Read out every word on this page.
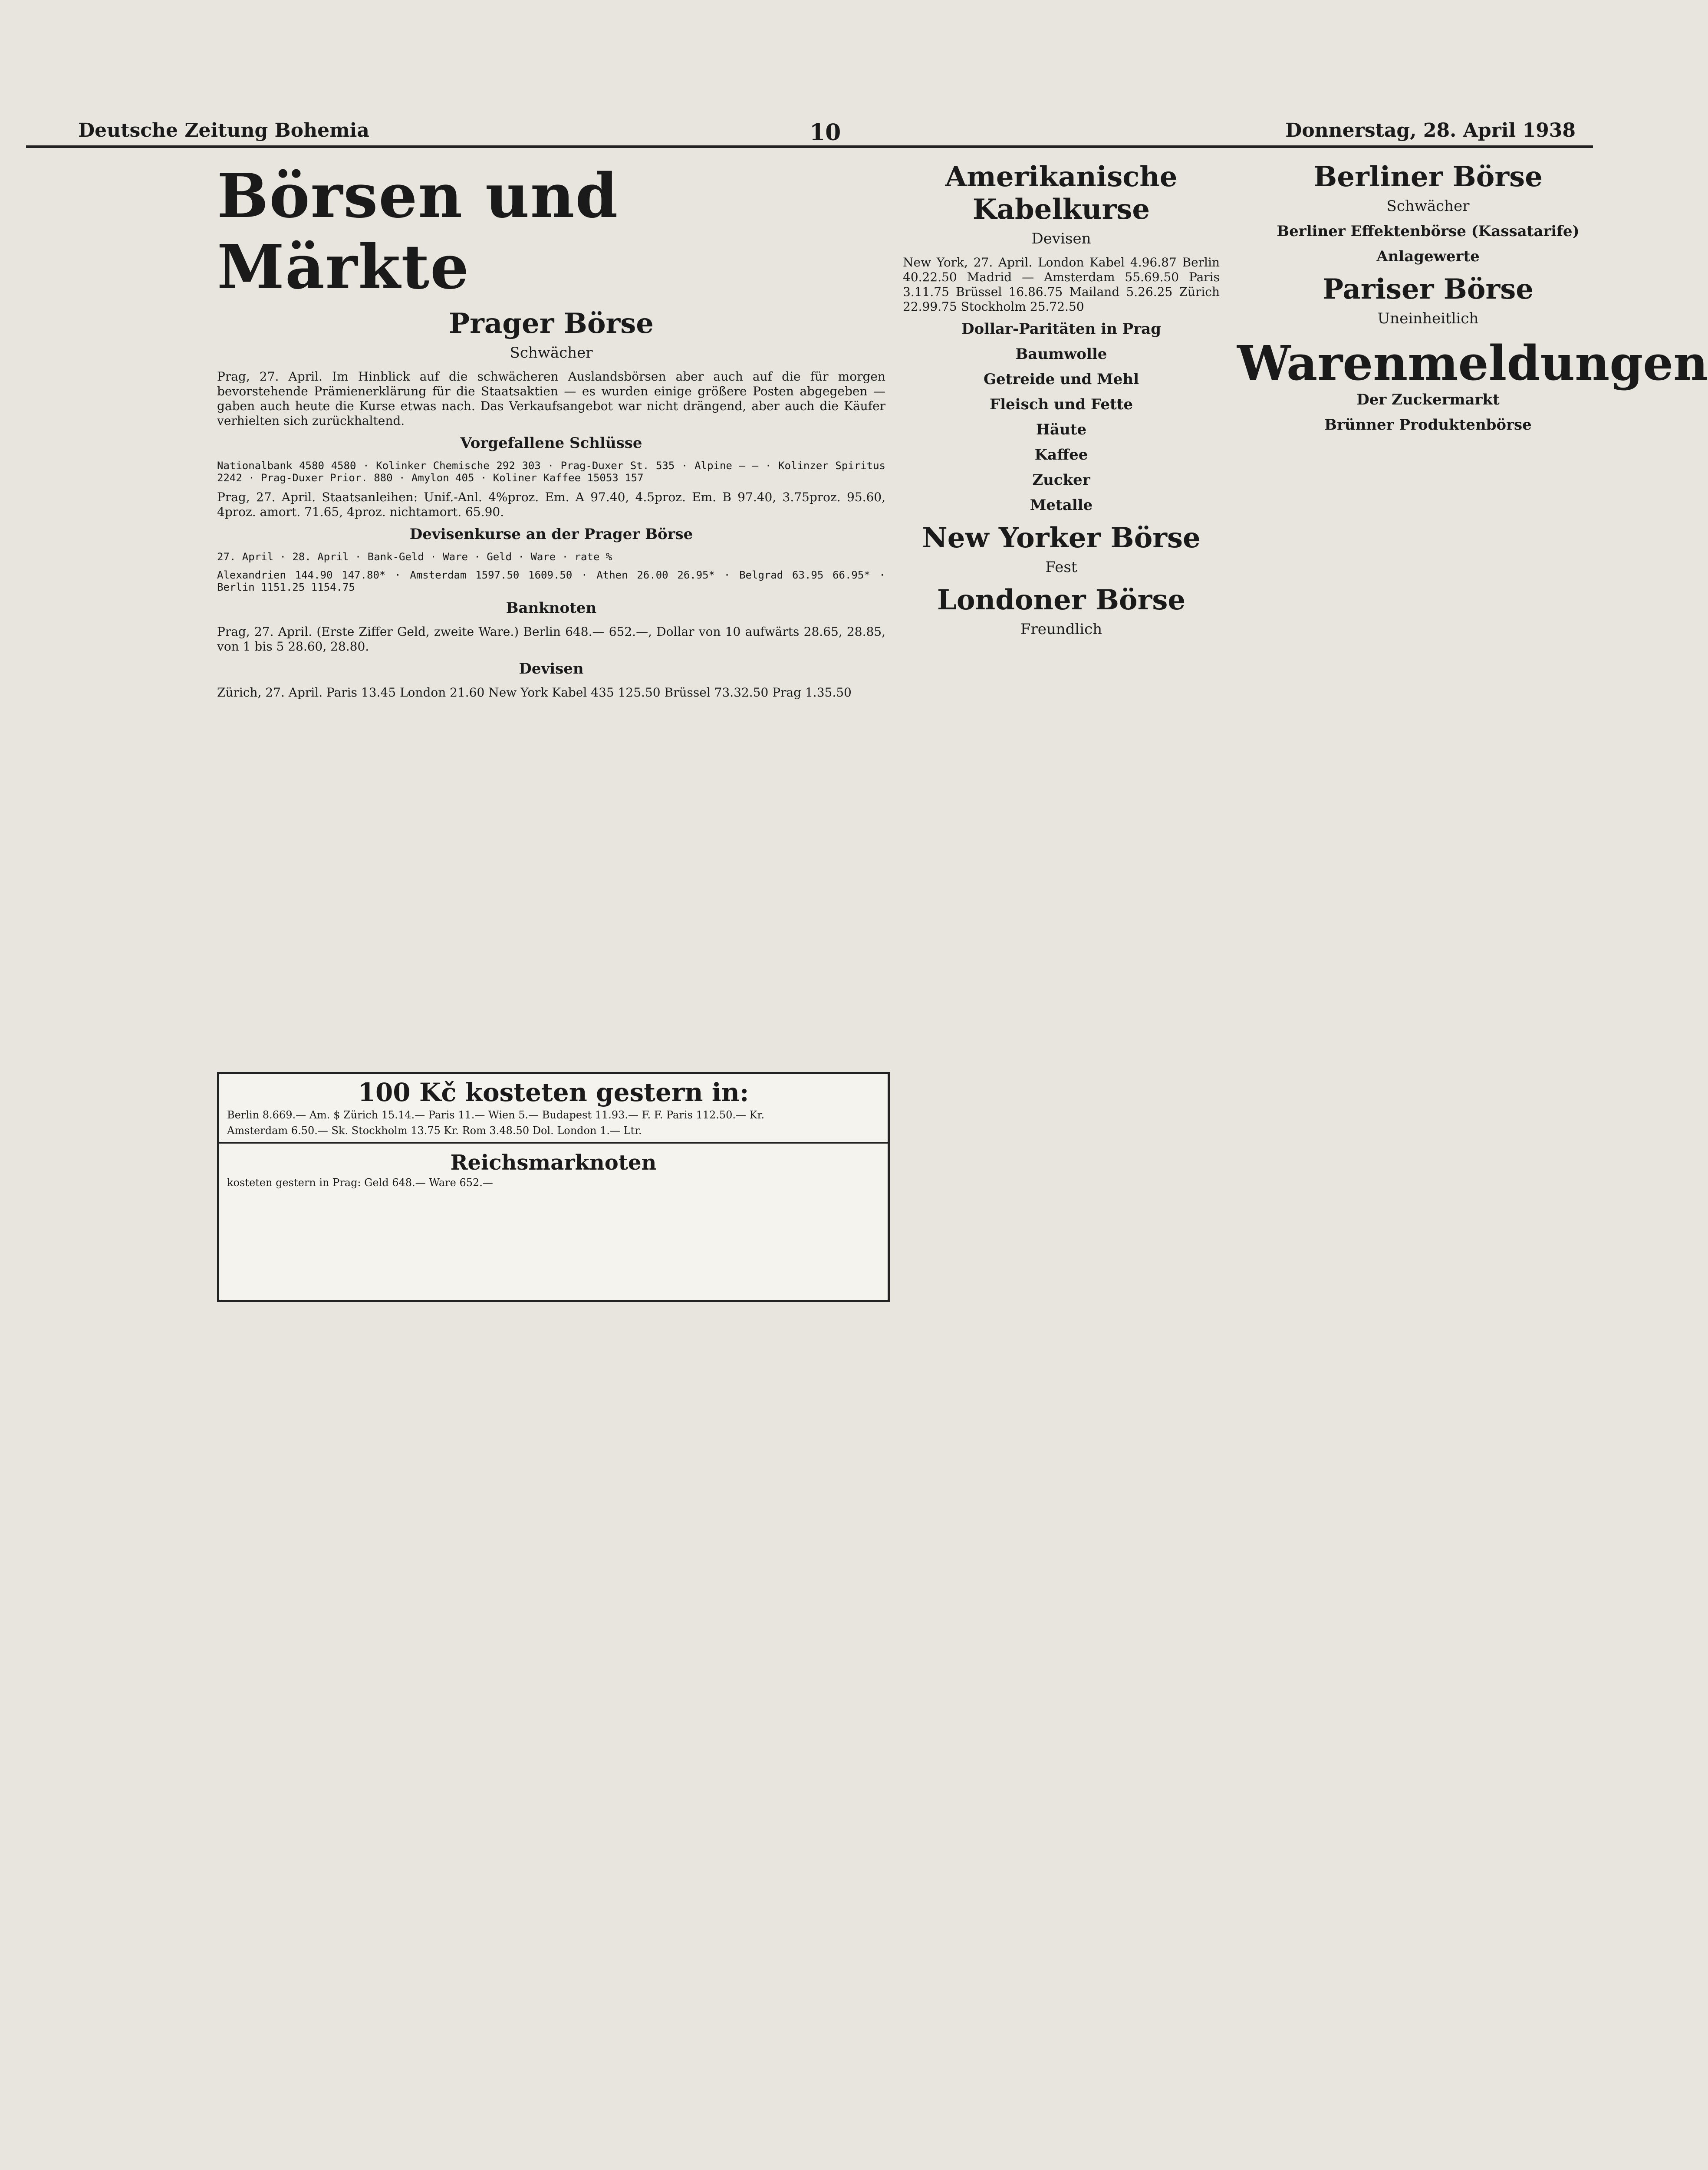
Deutsche Zeitung Bohemia	10	Donnerstag, 28. April 1938
Börsen und Märkte
Prager Börse
Schwächer

Prag, 27. April. Im Hinblick auf die schwächeren Auslandsbörsen aber auch auf die für morgen bevorstehende Prämienerklärung für die Staatsaktien — es wurden einige größere Posten abgegeben — gaben auch heute die Kurse etwas nach. Das Verkaufsangebot war nicht drängend, aber auch die Käufer verhielten sich zurückhaltend.

Vorgefallene Schlüsse

Nationalbank 4580 4580 · Kolinker Chemische 292 303 · Prag-Duxer St. 535 · Alpine — — · Kolinzer Spiritus 2242 · Prag-Duxer Prior. 880 · Amylon 405 · Koliner Kaffee 15053 157

Prag, 27. April. Staatsanleihen: Unif.-Anl. 4%proz. Em. A 97.40, 4.5proz. Em. B 97.40, 3.75proz. 95.60, 4proz. amort. 71.65, 4proz. nichtamort. 65.90.

Devisenkurse an der Prager Börse

27. April · 28. April · Bank-Geld · Ware · Geld · Ware · rate %

Alexandrien 144.90 147.80* · Amsterdam 1597.50 1609.50 · Athen 26.00 26.95* · Belgrad 63.95 66.95* · Berlin 1151.25 1154.75

Banknoten

Prag, 27. April. (Erste Ziffer Geld, zweite Ware.) Berlin 648.— 652.—, Dollar von 10 aufwärts 28.65, 28.85, von 1 bis 5 28.60, 28.80.

Devisen

Zürich, 27. April. Paris 13.45 London 21.60 New York Kabel 435 125.50 Brüssel 73.32.50 Prag 1.35.50

100 Kč kosteten gestern in:
Berlin 8.669.— Am. $ Zürich 15.14.— Paris 11.— Wien 5.— Budapest 11.93.— F. F. Paris 112.50.— Kr.
Amsterdam 6.50.— Sk. Stockholm 13.75 Kr. Rom 3.48.50 Dol. London 1.— Ltr.
Reichsmarknoten
kosteten gestern in Prag: Geld 648.— Ware 652.—
Amerikanische Kabelkurse
Devisen

New York, 27. April. London Kabel 4.96.87 Berlin 40.22.50 Madrid — Amsterdam 55.69.50 Paris 3.11.75 Brüssel 16.86.75 Mailand 5.26.25 Zürich 22.99.75 Stockholm 25.72.50

Dollar-Paritäten in Prag
Baumwolle
Getreide und Mehl
Fleisch und Fette
Häute
Kaffee
Zucker
Metalle
New Yorker Börse
Fest
Londoner Börse
Freundlich
Berliner Börse
Schwächer
Berliner Effektenbörse (Kassatarife)
Anlagewerte
Pariser Börse
Uneinheitlich
Warenmeldungen
Der Zuckermarkt
Brünner Produktenbörse
